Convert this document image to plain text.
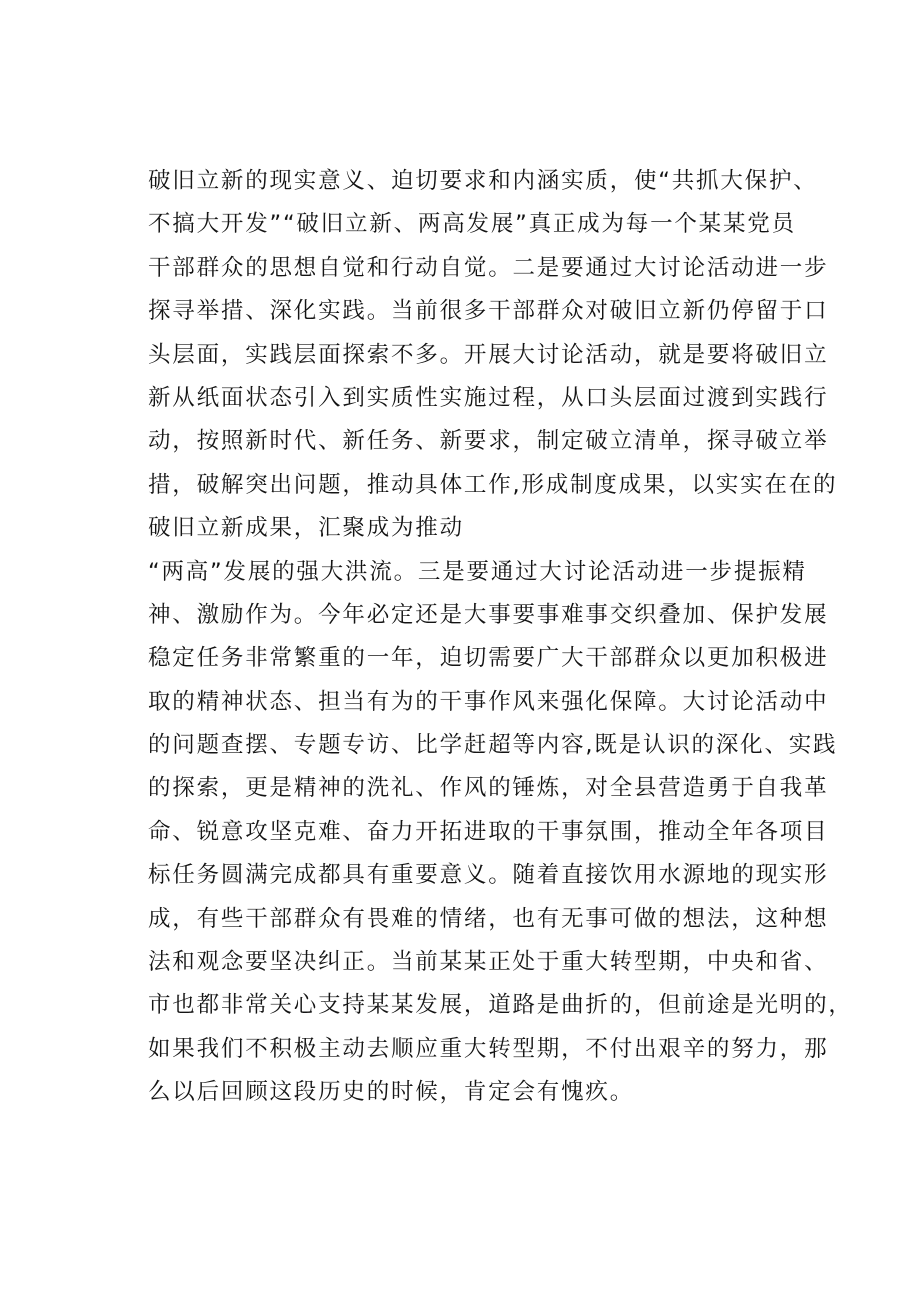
破旧立新的现实意义、迫切要求和内涵实质，使“共抓大保护、
不搞大开发”“破旧立新、两高发展”真正成为每一个某某党员
干部群众的思想自觉和行动自觉。二是要通过大讨论活动进一步
探寻举措、深化实践。当前很多干部群众对破旧立新仍停留于口
头层面，实践层面探索不多。开展大讨论活动，就是要将破旧立
新从纸面状态引入到实质性实施过程，从口头层面过渡到实践行
动，按照新时代、新任务、新要求，制定破立清单，探寻破立举
措，破解突出问题，推动具体工作,形成制度成果，以实实在在的
破旧立新成果，汇聚成为推动
“两高”发展的强大洪流。三是要通过大讨论活动进一步提振精
神、激励作为。今年必定还是大事要事难事交织叠加、保护发展
稳定任务非常繁重的一年，迫切需要广大干部群众以更加积极进
取的精神状态、担当有为的干事作风来强化保障。大讨论活动中
的问题查摆、专题专访、比学赶超等内容,既是认识的深化、实践
的探索，更是精神的洗礼、作风的锤炼，对全县营造勇于自我革
命、锐意攻坚克难、奋力开拓进取的干事氛围，推动全年各项目
标任务圆满完成都具有重要意义。随着直接饮用水源地的现实形
成，有些干部群众有畏难的情绪，也有无事可做的想法，这种想
法和观念要坚决纠正。当前某某正处于重大转型期，中央和省、
市也都非常关心支持某某发展，道路是曲折的，但前途是光明的，
如果我们不积极主动去顺应重大转型期，不付出艰辛的努力，那
么以后回顾这段历史的时候，肯定会有愧疚。
